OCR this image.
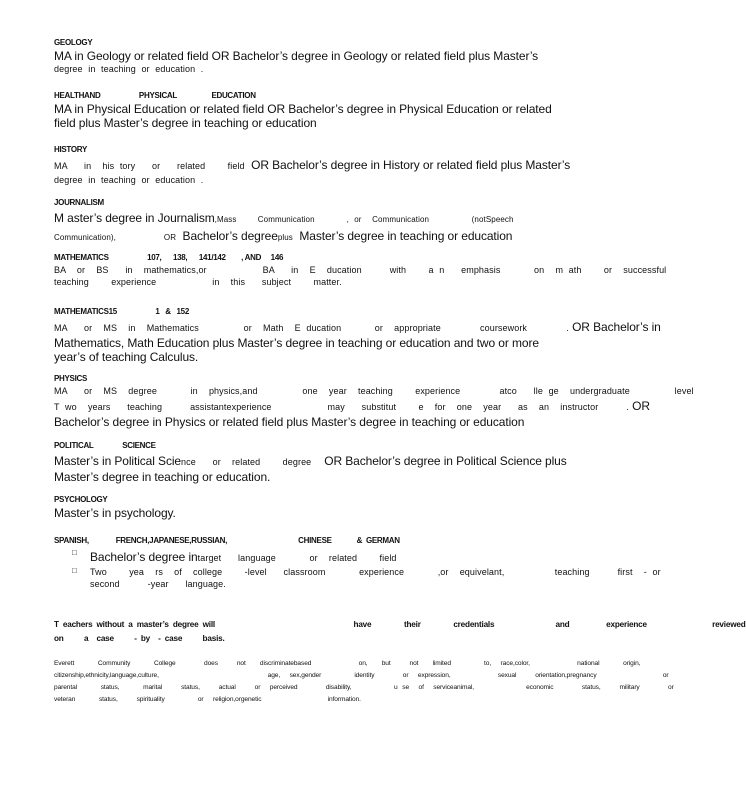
GEOLOGY
MA in Geology or related field OR Bachelor’s degree in Geology or related field plus Master’s
degree in teaching or education .
HEALTHAND                    PHYSICAL                  EDUCATION
MA in Physical Education or related field OR Bachelor’s degree in Physical Education or related field plus Master’s degree in teaching or education
HISTORY
MA   in  his tory   or   related    field  OR Bachelor’s degree in History or related field plus Master’s
degree in teaching or education .
JOURNALISM
M aster’s degree in Journalism,Mass    Communication      , or  Communication        (notSpeech
Communication),         OR  Bachelor’s degreeplus  Master’s degree in teaching or education
MATHEMATICS                    107,      138,      141/142        , AND     146
BA  or  BS   in  mathematics,or          BA   in  E  ducation     with    a n   emphasis      on  m ath    or  successful
teaching    experience          in  this   subject    matter.
MATHEMATICS15                    1   &   152
MA   or  MS  in  Mathematics        or  Math  E ducation      or  appropriate       coursework       . OR Bachelor’s in
Mathematics, Math Education plus Master’s degree in teaching or education and two or more year’s of teaching Calculus.
PHYSICS
MA   or  MS  degree      in  physics,and        one  year  teaching    experience       atco   lle ge  undergraduate        level
T wo  years   teaching     assistantexperience          may   substitut    e  for  one  year   as  an  instructor     . OR
Bachelor’s degree in Physics or related field plus Master’s degree in teaching or education
POLITICAL               SCIENCE
Master’s in Political Science   or  related    degree    OR Bachelor’s degree in Political Science plus
Master’s degree in teaching or education.
PSYCHOLOGY
Master’s in psychology.
SPANISH,              FRENCH,JAPANESE,RUSSIAN,                                     CHINESE             &  GERMAN
□ Bachelor’s degree intarget   language      or  related    field
□ Two    yea  rs  of  college    -level   classroom      experience      ,or  equivelant,         teaching     first  - or
second     -year   language.
T eachers without a master’s degree will                                  have        their        credentials               and         experience                reviewed
on     a  case     - by  - case     basis.
Everett     Community     College      does    not   discriminatebased          on,   but    not   limited       to,  race,color,          national     origin,
citizenship,ethnicity,language,culture,                       age,  sex,gender       identity      or  expression,          sexual    orientation,pregnancy              or
parental     status,     marital    status,    actual    or  perceived      disability,         u se  of  serviceanimal,           economic      status,    military      or
veteran     status,    spirituality       or  religion,orgenetic              information.
